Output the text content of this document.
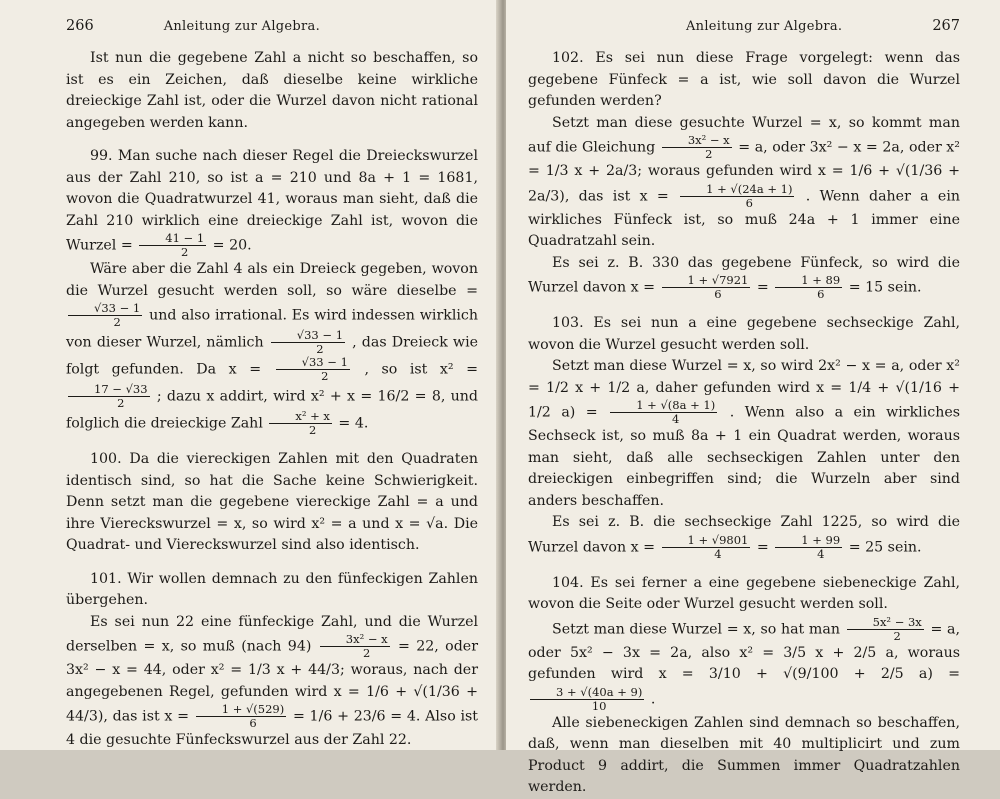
266	Anleitung zur Algebra.

Ist nun die gegebene Zahl a nicht so beschaffen, so ist es ein Zeichen, daß dieselbe keine wirkliche dreieckige Zahl ist, oder die Wurzel davon nicht rational angegeben werden kann.

99. Man suche nach dieser Regel die Dreieckswurzel aus der Zahl 210, so ist a = 210 und 8a + 1 = 1681, wovon die Quadratwurzel 41, woraus man sieht, daß die Zahl 210 wirklich eine dreieckige Zahl ist, wovon die Wurzel = $\frac{41 - 1}{2} = 20$.

Wäre aber die Zahl 4 als ein Dreieck gegeben, wovon die Wurzel gesucht werden soll, so wäre dieselbe =
$\frac{√33 - 1}{2}$ und also irrational. Es wird indessen wirklich von dieser Wurzel, nämlich $\frac{√33 - 1}{2}$ , das Dreieck wie folgt gefunden. Da $x = \frac{√33 - 1}{2}$ , so ist x² =
$\frac{17 - √33}{2}$ ; dazu x addirt, wird x² + x = 16/2 = 8, und folglich die dreieckige Zahl $\frac{\text{x² + x}}{2} = 4$.

100. Da die viereckigen Zahlen mit den Quadraten identisch sind, so hat die Sache keine Schwierigkeit. Denn setzt man die gegebene viereckige Zahl = a und ihre Viereckswurzel = x, so wird x² = a und x = √a. Die Quadrat- und Viereckswurzel sind also identisch.

101. Wir wollen demnach zu den fünfeckigen Zahlen übergehen.

Es sei nun 22 eine fünfeckige Zahl, und die Wurzel derselben = x, so muß (nach $94) \frac{\text{3x² − x}}{2} = 22$, oder 3x² − x = 44, oder x² = 1/3 x + 44/3; woraus, nach der angegebenen Regel, gefunden wird x = 1/6 + √(1/36 + 44/3), das ist $x = \frac{1 + √(529)}{6} = 1/6 + 23/6 = 4$. Also ist 4 die gesuchte Fünfeckswurzel aus der Zahl 22.

Anleitung zur Algebra.	267

102. Es sei nun diese Frage vorgelegt: wenn das gegebene Fünfeck = a ist, wie soll davon die Wurzel gefunden werden?

Setzt man diese gesuchte Wurzel = x, so kommt man auf die Gleichung $\frac{\text{3x² − x}}{2} = a$, oder 3x² − x = 2a, oder x² = 1/3 x + 2a/3; woraus gefunden wird x = 1/6 + √(1/36 + 2a/3), das ist $x = \frac{1 + √(24a + 1)}{6}$ . Wenn daher a ein wirkliches Fünfeck ist, so muß 24a + 1 immer eine Quadratzahl sein.

Es sei z. B. 330 das gegebene Fünfeck, so wird die Wurzel davon $x = \frac{1 + √7921}{6} = \frac{1 + 89}{6} = 15$ sein.

103. Es sei nun a eine gegebene sechseckige Zahl, wovon die Wurzel gesucht werden soll.

Setzt man diese Wurzel = x, so wird 2x² − x = a, oder x² = 1/2 x + 1/2 a, daher gefunden wird x = 1/4 + √(1/16 + 1/2 $a) = \frac{1 + √(8a + 1)}{4}$ . Wenn also a ein wirkliches Sechseck ist, so muß 8a + 1 ein Quadrat werden, woraus man sieht, daß alle sechseckigen Zahlen unter den dreieckigen einbegriffen sind; die Wurzeln aber sind anders beschaffen.

Es sei z. B. die sechseckige Zahl 1225, so wird die Wurzel davon $x = \frac{1 + √9801}{4} = \frac{1 + 99}{4} = 25$ sein.

104. Es sei ferner a eine gegebene siebeneckige Zahl, wovon die Seite oder Wurzel gesucht werden soll.

Setzt man diese Wurzel = x, so hat man $\frac{\text{5x² − 3x}}{2} = a$, oder 5x² − 3x = 2a, also x² = 3/5 x + 2/5 a, woraus gefunden wird x = 3/10 + √(9/100 + 2/5 a) =
$\frac{3 + √(40a + 9)}{10}$ .

Alle siebeneckigen Zahlen sind demnach so beschaffen, daß, wenn man dieselben mit 40 multiplicirt und zum Product 9 addirt, die Summen immer Quadratzahlen werden.
